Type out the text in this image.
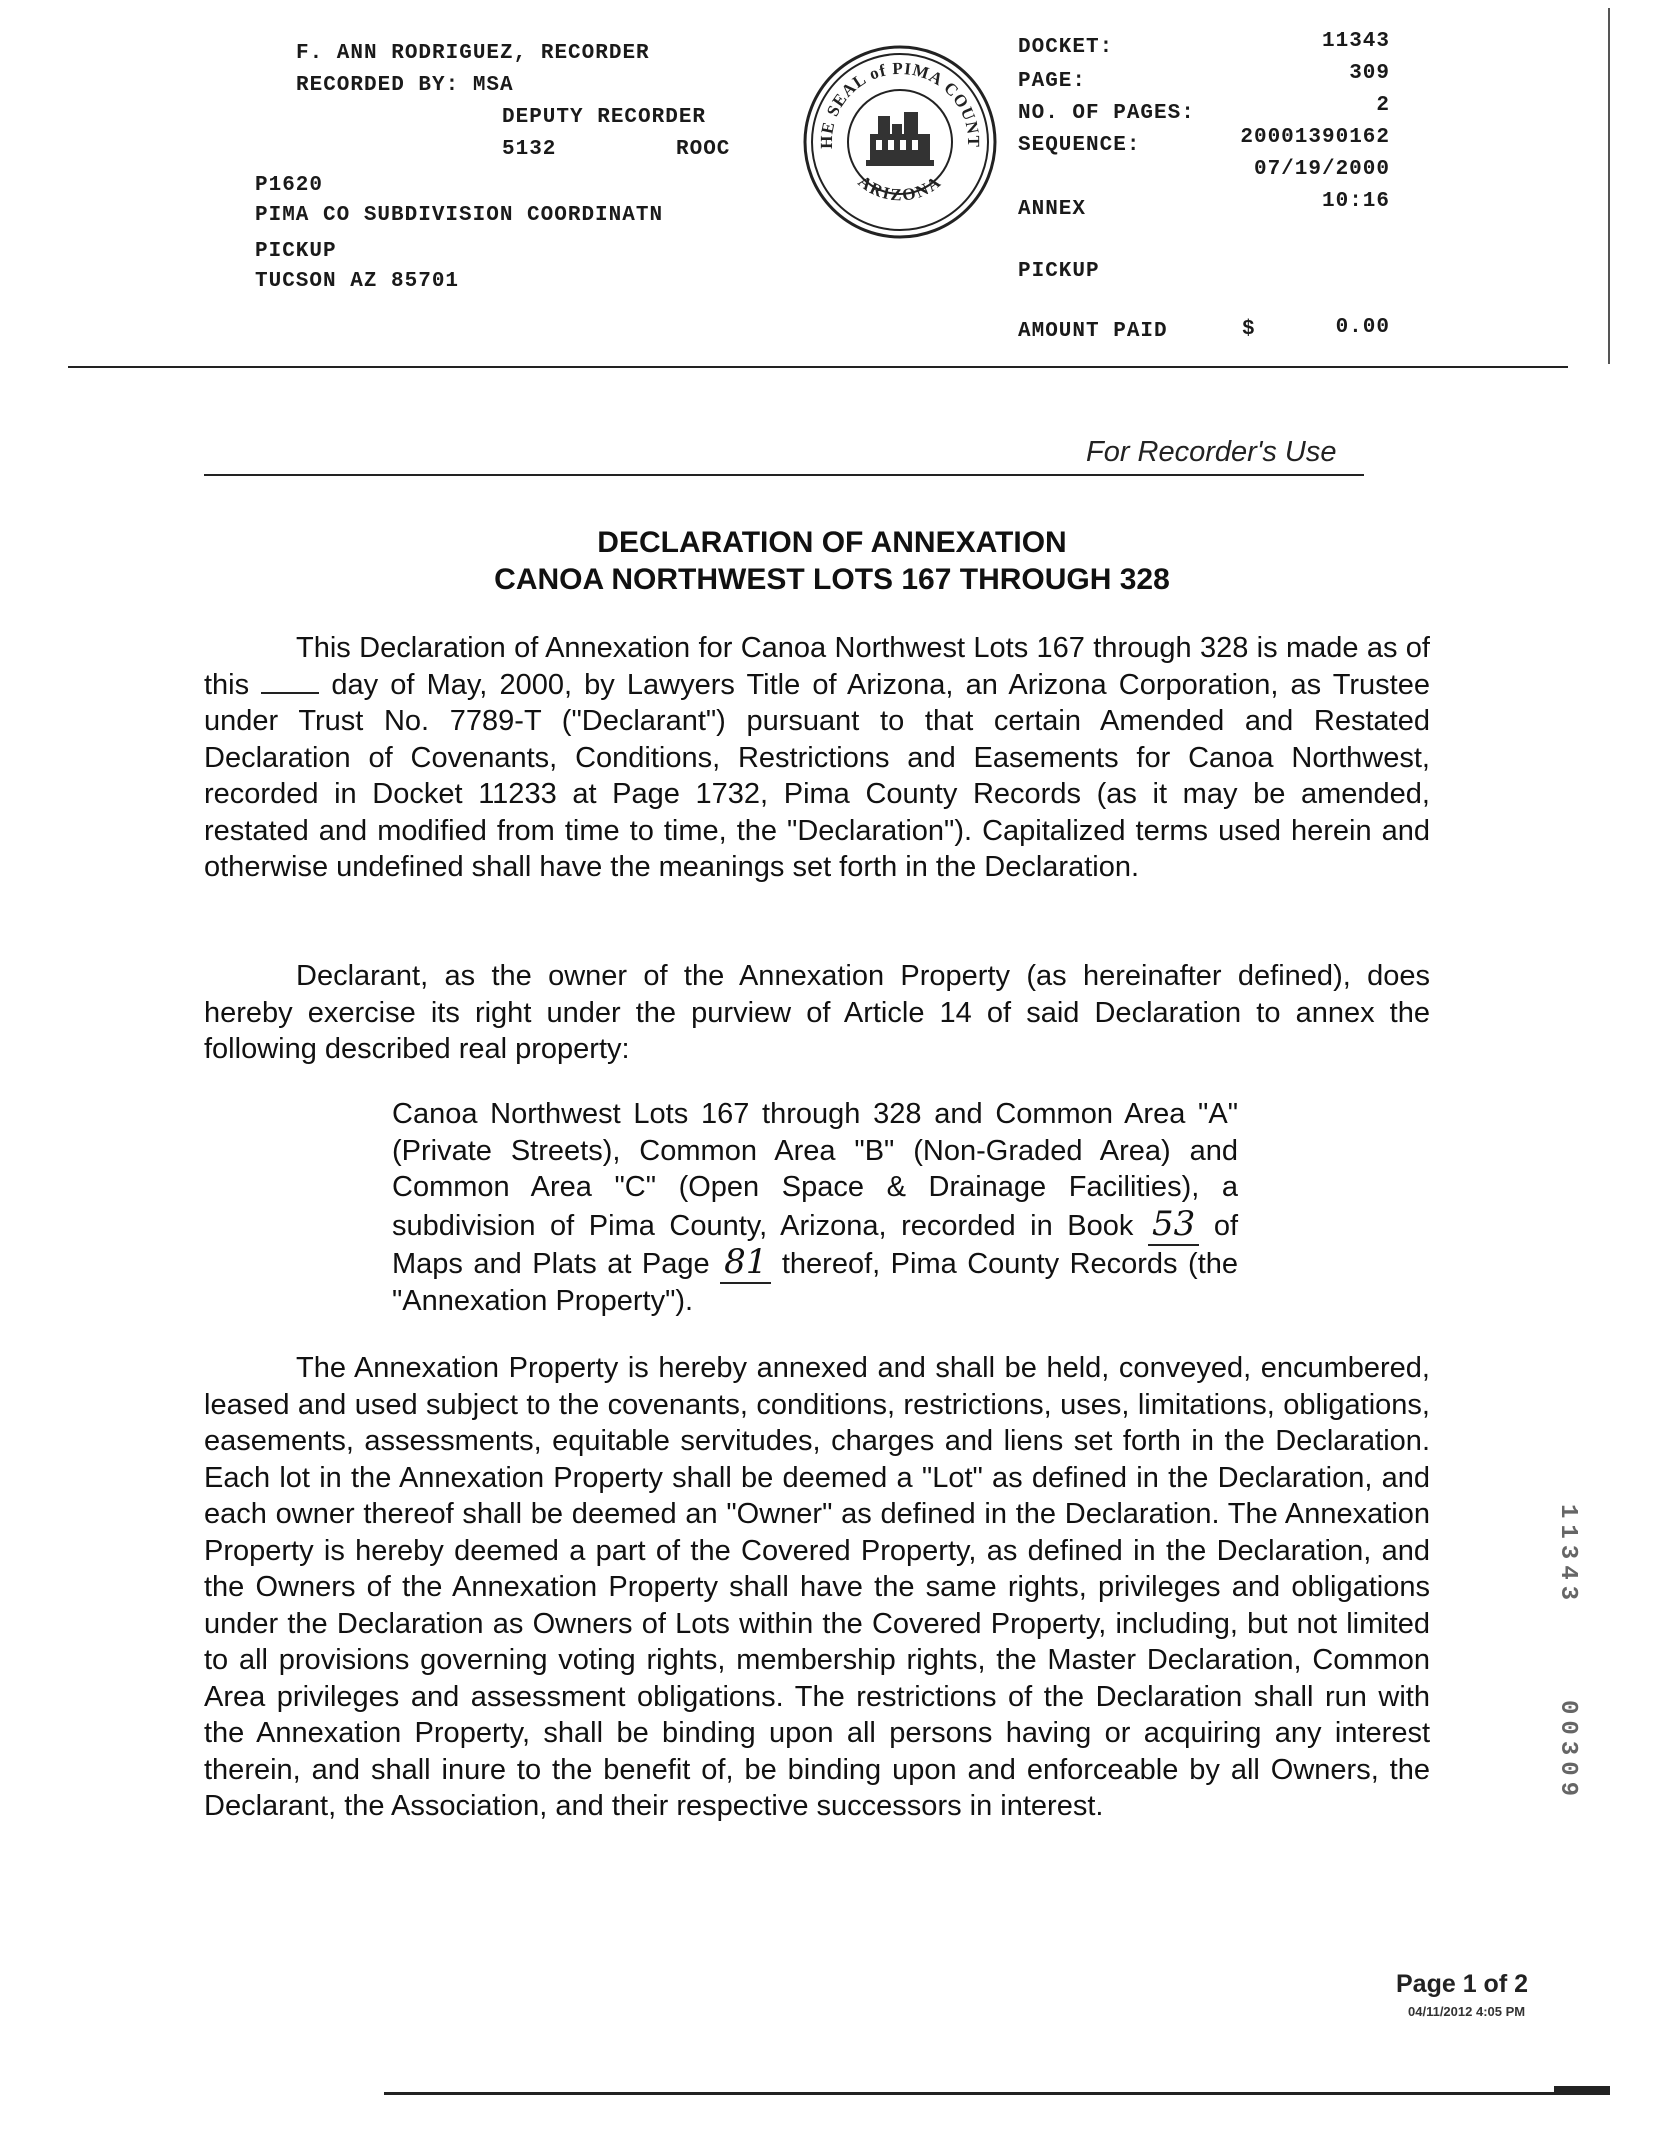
F. ANN RODRIGUEZ, RECORDER
RECORDED BY: MSA
DEPUTY RECORDER
5132	ROOC
P1620
PIMA CO SUBDIVISION COORDINATN
PICKUP
TUCSON AZ 85701
HE SEAL of PIMA COUNT
ARIZONA
DOCKET:	11343
PAGE:	309
NO. OF PAGES:	2
SEQUENCE:	20001390162
07/19/2000
ANNEX	10:16
PICKUP
AMOUNT PAID	$	0.00
For Recorder's Use
DECLARATION OF ANNEXATION
CANOA NORTHWEST LOTS 167 THROUGH 328

This Declaration of Annexation for Canoa Northwest Lots 167 through 328 is made as of this	day of May, 2000, by Lawyers Title of Arizona, an Arizona Corporation, as Trustee under Trust No. 7789-T ("Declarant") pursuant to that certain Amended and Restated Declaration of Covenants, Conditions, Restrictions and Easements for Canoa Northwest, recorded in Docket 11233 at Page 1732, Pima County Records (as it may be amended, restated and modified from time to time, the "Declaration"). Capitalized terms used herein and otherwise undefined shall have the meanings set forth in the Declaration.

Declarant, as the owner of the Annexation Property (as hereinafter defined), does hereby exercise its right under the purview of Article 14 of said Declaration to annex the following described real property:
Canoa Northwest Lots 167 through 328 and Common Area "A" (Private Streets), Common Area "B" (Non-Graded Area) and Common Area "C" (Open Space & Drainage Facilities), a subdivision of Pima County, Arizona, recorded in Book 53 of Maps and Plats at Page 81 thereof, Pima County Records (the "Annexation Property").

The Annexation Property is hereby annexed and shall be held, conveyed, encumbered, leased and used subject to the covenants, conditions, restrictions, uses, limitations, obligations, easements, assessments, equitable servitudes, charges and liens set forth in the Declaration. Each lot in the Annexation Property shall be deemed a "Lot" as defined in the Declaration, and each owner thereof shall be deemed an "Owner" as defined in the Declaration. The Annexation Property is hereby deemed a part of the Covered Property, as defined in the Declaration, and the Owners of the Annexation Property shall have the same rights, privileges and obligations under the Declaration as Owners of Lots within the Covered Property, including, but not limited to all provisions governing voting rights, membership rights, the Master Declaration, Common Area privileges and assessment obligations. The restrictions of the Declaration shall run with the Annexation Property, shall be binding upon all persons having or acquiring any interest therein, and shall inure to the benefit of, be binding upon and enforceable by all Owners, the Declarant, the Association, and their respective successors in interest.

11343
00309
Page 1 of 2
04/11/2012 4:05 PM
